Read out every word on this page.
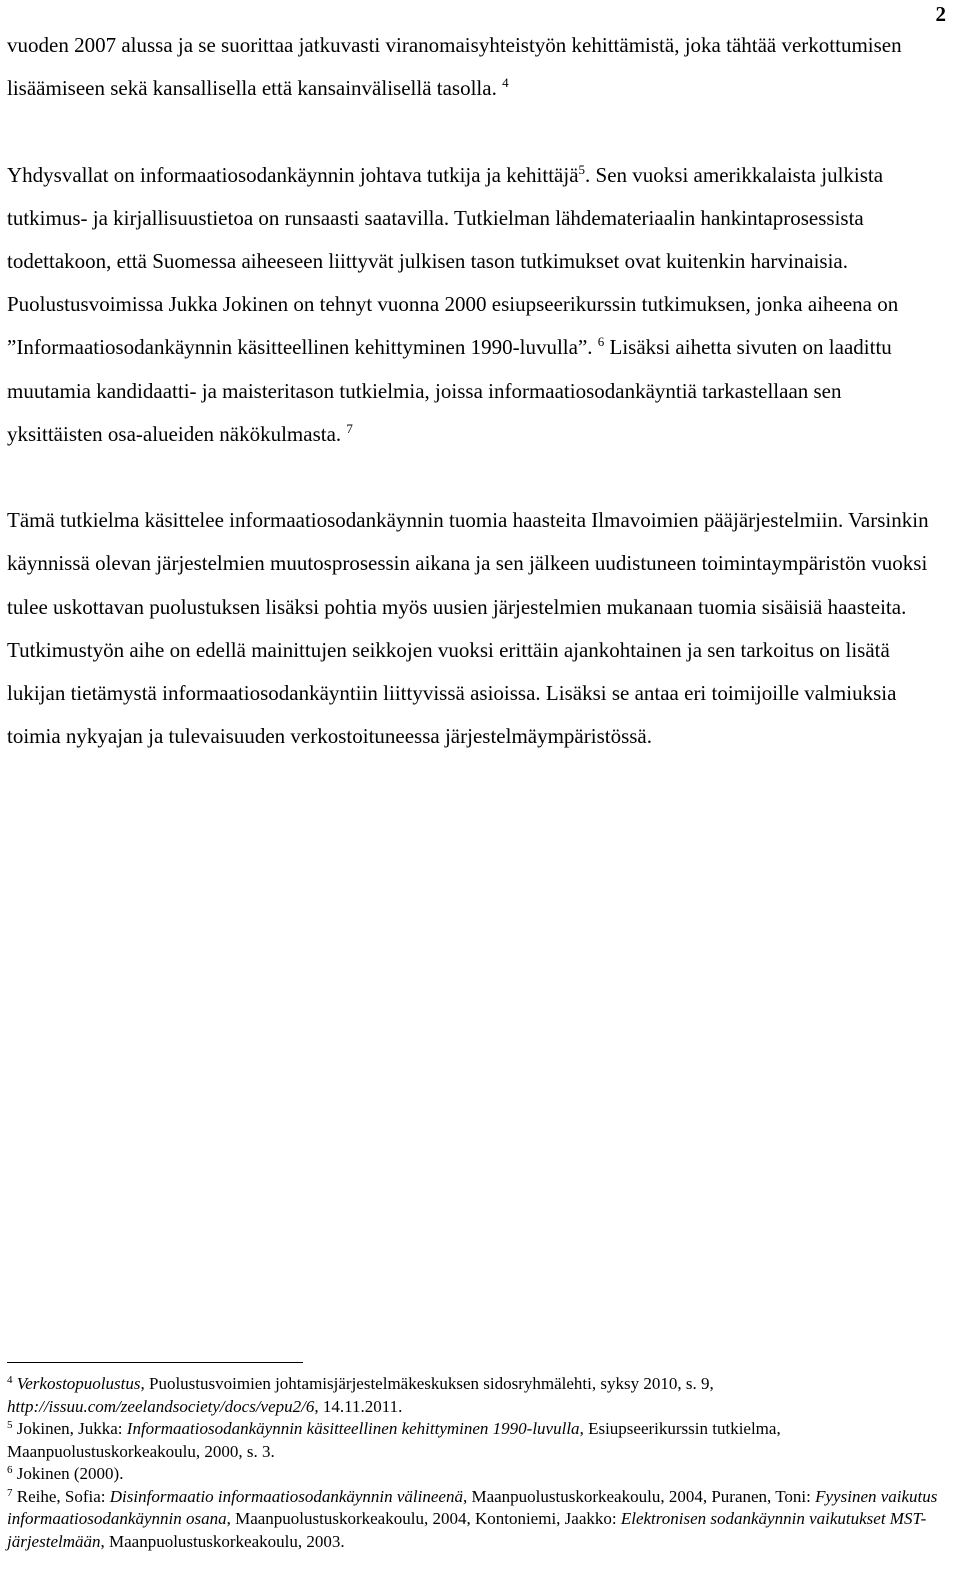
2

vuoden 2007 alussa ja se suorittaa jatkuvasti viranomaisyhteistyön kehittämistä, joka tähtää verkottumisen lisäämiseen sekä kansallisella että kansainvälisellä tasolla. $^4$

Yhdysvallat on informaatiosodankäynnin johtava tutkija ja kehittäjä$^5$. Sen vuoksi amerikkalaista julkista tutkimus- ja kirjallisuustietoa on runsaasti saatavilla. Tutkielman lähdemateriaalin hankintaprosessista todettakoon, että Suomessa aiheeseen liittyvät julkisen tason tutkimukset ovat kuitenkin harvinaisia. Puolustusvoimissa Jukka Jokinen on tehnyt vuonna 2000 esiupseerikurssin tutkimuksen, jonka aiheena on ”Informaatiosodankäynnin käsitteellinen kehittyminen 1990-luvulla”. $^6$ Lisäksi aihetta sivuten on laadittu muutamia kandidaatti- ja maisteritason tutkielmia, joissa informaatiosodankäyntiä tarkastellaan sen yksittäisten osa-alueiden näkökulmasta. $^7$

Tämä tutkielma käsittelee informaatiosodankäynnin tuomia haasteita Ilmavoimien pääjärjestelmiin. Varsinkin käynnissä olevan järjestelmien muutosprosessin aikana ja sen jälkeen uudistuneen toimintaympäristön vuoksi tulee uskottavan puolustuksen lisäksi pohtia myös uusien järjestelmien mukanaan tuomia sisäisiä haasteita. Tutkimustyön aihe on edellä mainittujen seikkojen vuoksi erittäin ajankohtainen ja sen tarkoitus on lisätä lukijan tietämystä informaatiosodankäyntiin liittyvissä asioissa. Lisäksi se antaa eri toimijoille valmiuksia toimia nykyajan ja tulevaisuuden verkostoituneessa järjestelmäympäristössä.

$^4$ Verkostopuolustus, Puolustusvoimien johtamisjärjestelmäkeskuksen sidosryhmälehti, syksy 2010, s. 9, http://issuu.com/zeelandsociety/docs/vepu2/6, 14.11.2011.

$^5$ Jokinen, Jukka: Informaatiosodankäynnin käsitteellinen kehittyminen 1990-luvulla, Esiupseerikurssin tutkielma, Maanpuolustuskorkeakoulu, 2000, s. 3.

$^6$ Jokinen (2000).

$^7$ Reihe, Sofia: Disinformaatio informaatiosodankäynnin välineenä, Maanpuolustuskorkeakoulu, 2004, Puranen, Toni: Fyysinen vaikutus informaatiosodankäynnin osana, Maanpuolustuskorkeakoulu, 2004, Kontoniemi, Jaakko: Elektronisen sodankäynnin vaikutukset MST-järjestelmään, Maanpuolustuskorkeakoulu, 2003.
